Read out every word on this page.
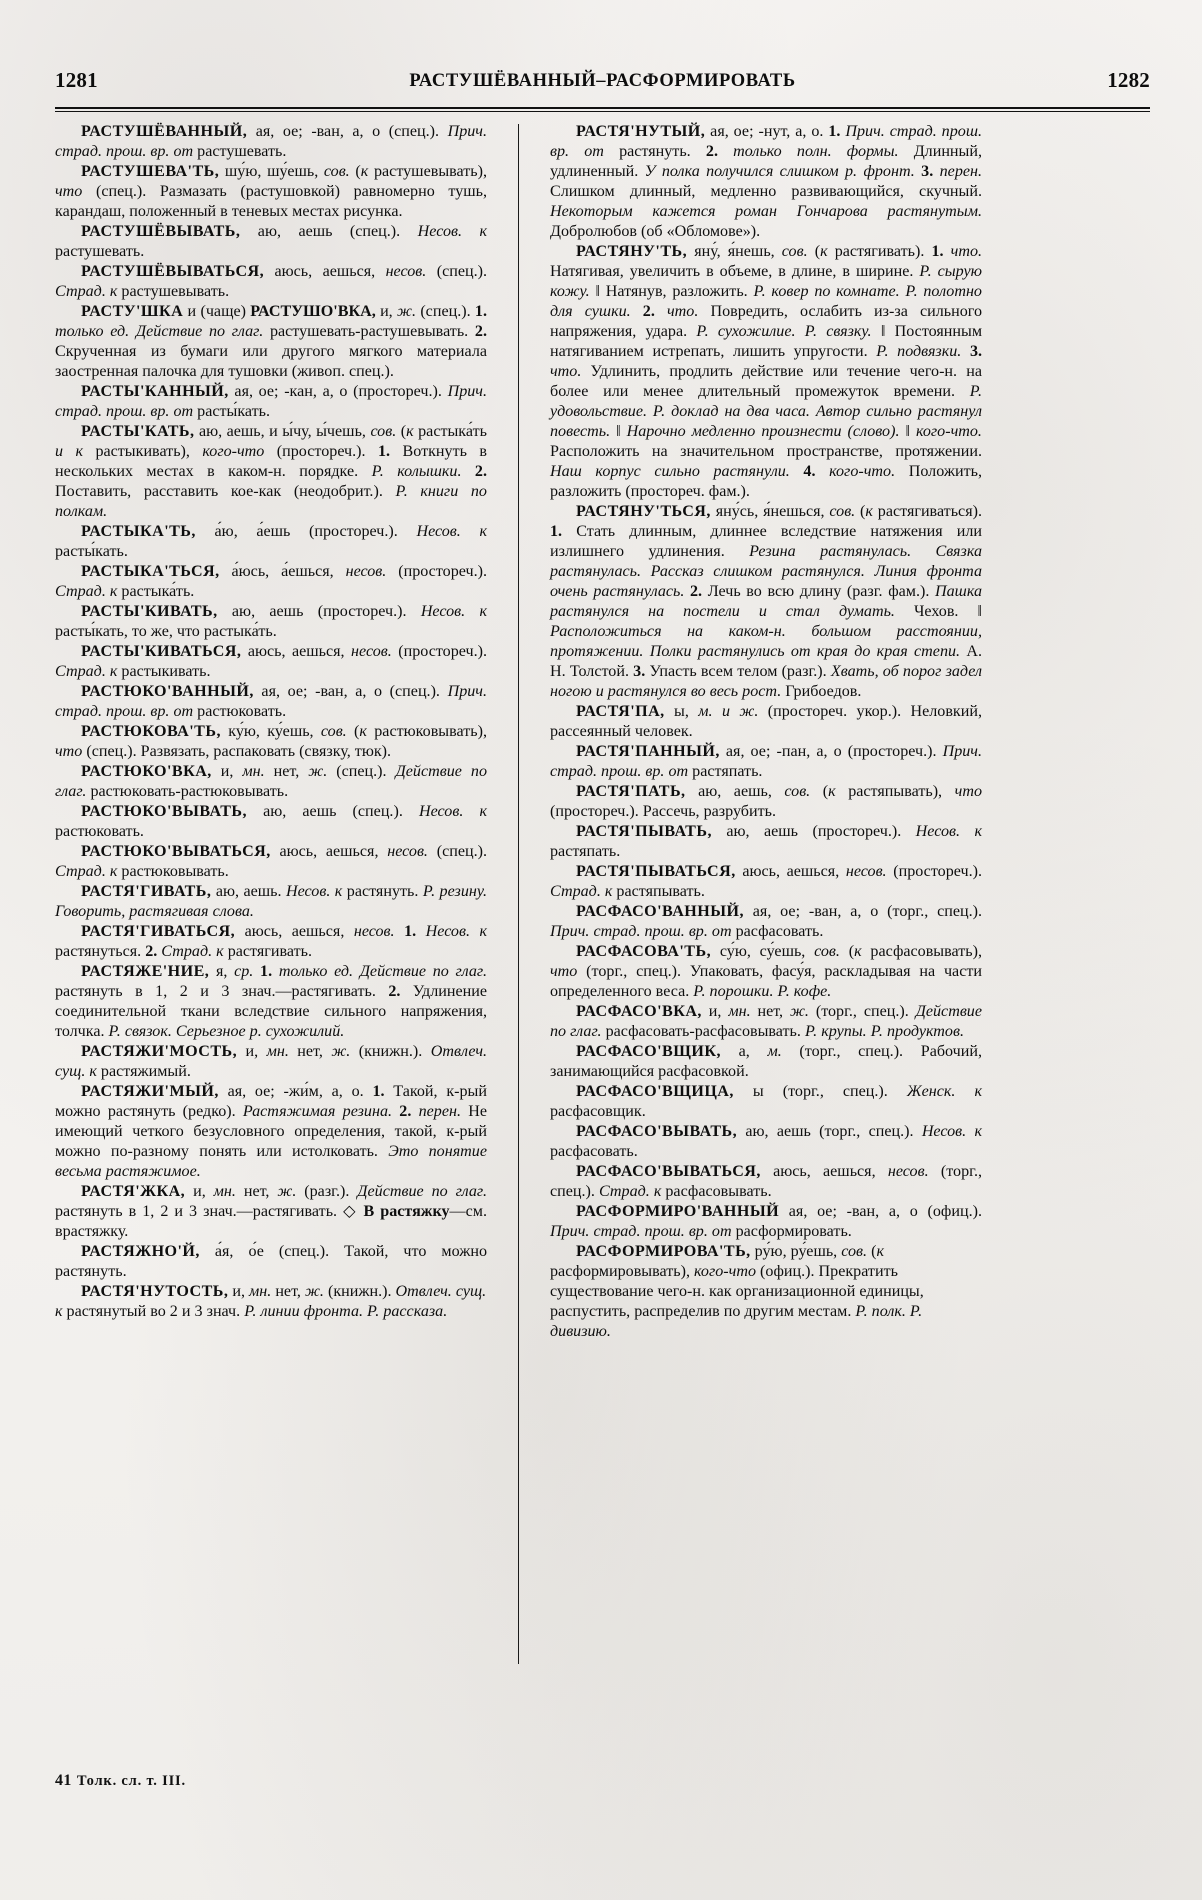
1281	РАСТУШЁВАННЫЙ–РАСФОРМИРОВАТЬ	1282

РАСТУШЁВАННЫЙ, ая, ое; -ван, а, о (спец.). Прич. страд. прош. вр. от растушевать.

РАСТУШЕВА'ТЬ, шу́ю, шу́ешь, сов. (к растушевывать), что (спец.). Размазать (растушовкой) равномерно тушь, карандаш, положенный в теневых местах рисунка.

РАСТУШЁВЫВАТЬ, аю, аешь (спец.). Несов. к растушевать.

РАСТУШЁВЫВАТЬСЯ, аюсь, аешься, несов. (спец.). Страд. к растушевывать.

РАСТУ'ШКА и (чаще) РАСТУШО'ВКА, и, ж. (спец.). 1. только ед. Действие по глаг. растушевать-растушевывать. 2. Скрученная из бумаги или другого мягкого материала заостренная палочка для тушовки (живоп. спец.).

РАСТЫ'КАННЫЙ, ая, ое; -кан, а, о (простореч.). Прич. страд. прош. вр. от расты́кать.

РАСТЫ'КАТЬ, аю, аешь, и ы́чу, ы́чешь, сов. (к растыка́ть и к растыкивать), кого-что (простореч.). 1. Воткнуть в нескольких местах в каком-н. порядке. Р. колышки. 2. Поставить, расставить кое-как (неодобрит.). Р. книги по полкам.

РАСТЫКА'ТЬ, а́ю, а́ешь (простореч.). Несов. к расты́кать.

РАСТЫКА'ТЬСЯ, а́юсь, а́ешься, несов. (простореч.). Страд. к растыка́ть.

РАСТЫ'КИВАТЬ, аю, аешь (простореч.). Несов. к расты́кать, то же, что растыка́ть.

РАСТЫ'КИВАТЬСЯ, аюсь, аешься, несов. (простореч.). Страд. к растыкивать.

РАСТЮКО'ВАННЫЙ, ая, ое; -ван, а, о (спец.). Прич. страд. прош. вр. от растюковать.

РАСТЮКОВА'ТЬ, ку́ю, ку́ешь, сов. (к растюковывать), что (спец.). Развязать, распаковать (связку, тюк).

РАСТЮКО'ВКА, и, мн. нет, ж. (спец.). Действие по глаг. растюковать-растюковывать.

РАСТЮКО'ВЫВАТЬ, аю, аешь (спец.). Несов. к растюковать.

РАСТЮКО'ВЫВАТЬСЯ, аюсь, аешься, несов. (спец.). Страд. к растюковывать.

РАСТЯ'ГИВАТЬ, аю, аешь. Несов. к растянуть. Р. резину. Говорить, растягивая слова.

РАСТЯ'ГИВАТЬСЯ, аюсь, аешься, несов. 1. Несов. к растянуться. 2. Страд. к растягивать.

РАСТЯЖЕ'НИЕ, я, ср. 1. только ед. Действие по глаг. растянуть в 1, 2 и 3 знач.—растягивать. 2. Удлинение соединительной ткани вследствие сильного напряжения, толчка. Р. связок. Серьезное р. сухожилий.

РАСТЯЖИ'МОСТЬ, и, мн. нет, ж. (книжн.). Отвлеч. сущ. к растяжимый.

РАСТЯЖИ'МЫЙ, ая, ое; -жи́м, а, о. 1. Такой, к-рый можно растянуть (редко). Растяжимая резина. 2. перен. Не имеющий четкого безусловного определения, такой, к-рый можно по-разному понять или истолковать. Это понятие весьма растяжимое.

РАСТЯ'ЖКА, и, мн. нет, ж. (разг.). Действие по глаг. растянуть в 1, 2 и 3 знач.—растягивать. ◇ В растяжку—см. врастяжку.

РАСТЯЖНО'Й, а́я, о́е (спец.). Такой, что можно растянуть.

РАСТЯ'НУТОСТЬ, и, мн. нет, ж. (книжн.). Отвлеч. сущ. к растянутый во 2 и 3 знач. Р. линии фронта. Р. рассказа.

РАСТЯ'НУТЫЙ, ая, ое; -нут, а, о. 1. Прич. страд. прош. вр. от растянуть. 2. только полн. формы. Длинный, удлиненный. У полка получился слишком р. фронт. 3. перен. Слишком длинный, медленно развивающийся, скучный. Некоторым кажется роман Гончарова растянутым. Добролюбов (об «Обломове»).

РАСТЯНУ'ТЬ, яну́, я́нешь, сов. (к растягивать). 1. что. Натягивая, увеличить в объеме, в длине, в ширине. Р. сырую кожу. ‖ Натянув, разложить. Р. ковер по комнате. Р. полотно для сушки. 2. что. Повредить, ослабить из-за сильного напряжения, удара. Р. сухожилие. Р. связку. ‖ Постоянным натягиванием истрепать, лишить упругости. Р. подвязки. 3. что. Удлинить, продлить действие или течение чего-н. на более или менее длительный промежуток времени. Р. удовольствие. Р. доклад на два часа. Автор сильно растянул повесть. ‖ Нарочно медленно произнести (слово). ‖ кого-что. Расположить на значительном пространстве, протяжении. Наш корпус сильно растянули. 4. кого-что. Положить, разложить (простореч. фам.).

РАСТЯНУ'ТЬСЯ, яну́сь, я́нешься, сов. (к растягиваться). 1. Стать длинным, длиннее вследствие натяжения или излишнего удлинения. Резина растянулась. Связка растянулась. Рассказ слишком растянулся. Линия фронта очень растянулась. 2. Лечь во всю длину (разг. фам.). Пашка растянулся на постели и стал думать. Чехов. ‖ Расположиться на каком-н. большом расстоянии, протяжении. Полки растянулись от края до края степи. А. Н. Толстой. 3. Упасть всем телом (разг.). Хвать, об порог задел ногою и растянулся во весь рост. Грибоедов.

РАСТЯ'ПА, ы, м. и ж. (простореч. укор.). Неловкий, рассеянный человек.

РАСТЯ'ПАННЫЙ, ая, ое; -пан, а, о (простореч.). Прич. страд. прош. вр. от растяпать.

РАСТЯ'ПАТЬ, аю, аешь, сов. (к растяпывать), что (простореч.). Рассечь, разрубить.

РАСТЯ'ПЫВАТЬ, аю, аешь (простореч.). Несов. к растяпать.

РАСТЯ'ПЫВАТЬСЯ, аюсь, аешься, несов. (простореч.). Страд. к растяпывать.

РАСФАСО'ВАННЫЙ, ая, ое; -ван, а, о (торг., спец.). Прич. страд. прош. вр. от расфасовать.

РАСФАСОВА'ТЬ, су́ю, су́ешь, сов. (к расфасовывать), что (торг., спец.). Упаковать, фасу́я, раскладывая на части определенного веса. Р. порошки. Р. кофе.

РАСФАСО'ВКА, и, мн. нет, ж. (торг., спец.). Действие по глаг. расфасовать-расфасовывать. Р. крупы. Р. продуктов.

РАСФАСО'ВЩИК, а, м. (торг., спец.). Рабочий, занимающийся расфасовкой.

РАСФАСО'ВЩИЦА, ы (торг., спец.). Женск. к расфасовщик.

РАСФАСО'ВЫВАТЬ, аю, аешь (торг., спец.). Несов. к расфасовать.

РАСФАСО'ВЫВАТЬСЯ, аюсь, аешься, несов. (торг., спец.). Страд. к расфасовывать.

РАСФОРМИРО'ВАННЫЙ ая, ое; -ван, а, о (офиц.). Прич. страд. прош. вр. от расформировать.

РАСФОРМИРОВА'ТЬ, ру́ю, ру́ешь, сов. (к расформировывать), кого-что (офиц.). Прекратить существование чего-н. как организационной единицы, распустить, распределив по другим местам. Р. полк. Р. дивизию.

41 Толк. сл. т. III.
